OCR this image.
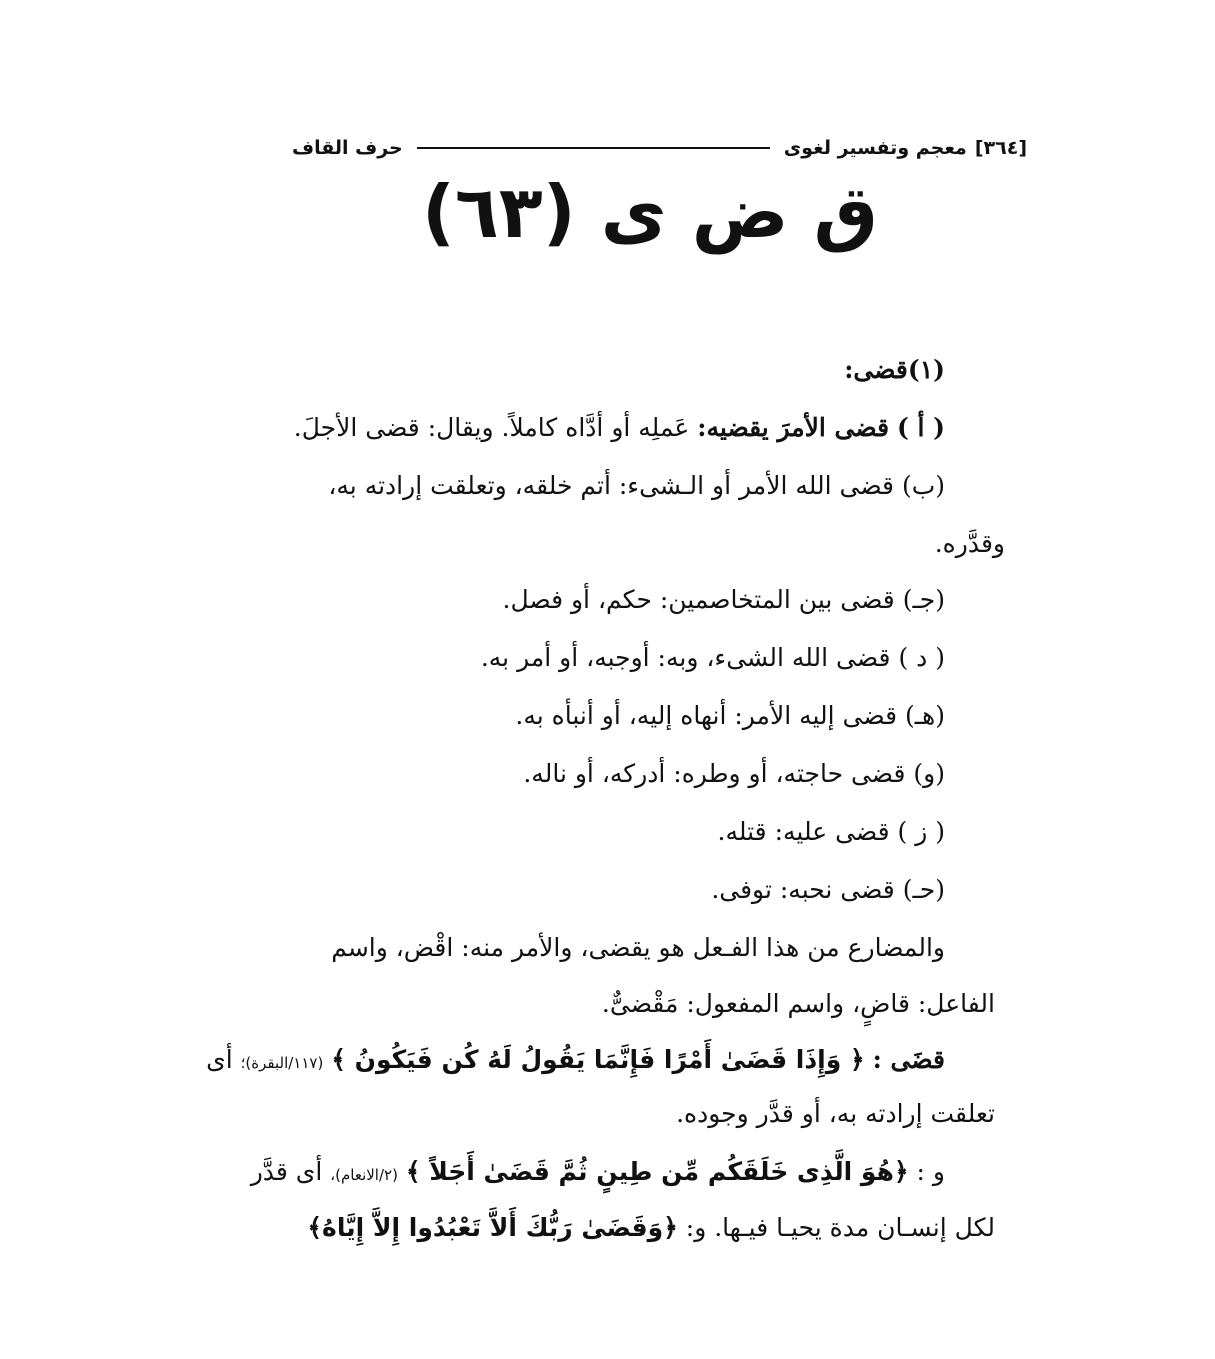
[٣٦٤]
معجم وتفسير لغوى
حرف القاف
ق ض ى (٦٣)
(١)قضى:
( أ ) قضى الأمرَ يقضيه: عَملِه أو أدَّاه كاملاً. ويقال: قضى الأجلَ.
(ب) قضى الله الأمر أو الـشىء: أتم خلقه، وتعلقت إرادته به،
وقدَّره.
(جـ) قضى بين المتخاصمين: حكم، أو فصل.
( د ) قضى الله الشىء، وبه: أوجبه، أو أمر به.
(هـ) قضى إليه الأمر: أنهاه إليه، أو أنبأه به.
(و) قضى حاجته، أو وطره: أدركه، أو ناله.
( ز ) قضى عليه: قتله.
(حـ) قضى نحبه: توفى.
والمضارع من هذا الفـعل هو يقضى، والأمر منه: اقْض، واسم
الفاعل: قاضٍ، واسم المفعول: مَقْضىٌّ.
قضَى : ﴿ وَإِذَا قَضَىٰ أَمْرًا فَإِنَّمَا يَقُولُ لَهُ كُن فَيَكُونُ ﴾ (١١٧/البقرة)؛ أى
تعلقت إرادته به، أو قدَّر وجوده.
و : ﴿هُوَ الَّذِى خَلَقَكُم مِّن طِينٍ ثُمَّ قَضَىٰ أَجَلاً ﴾ (٢/الانعام)، أى قدَّر
لكل إنسـان مدة يحيـا فيـها. و: ﴿وَقَضَىٰ رَبُّكَ أَلاَّ تَعْبُدُوا إِلاَّ إِيَّاهُ﴾
